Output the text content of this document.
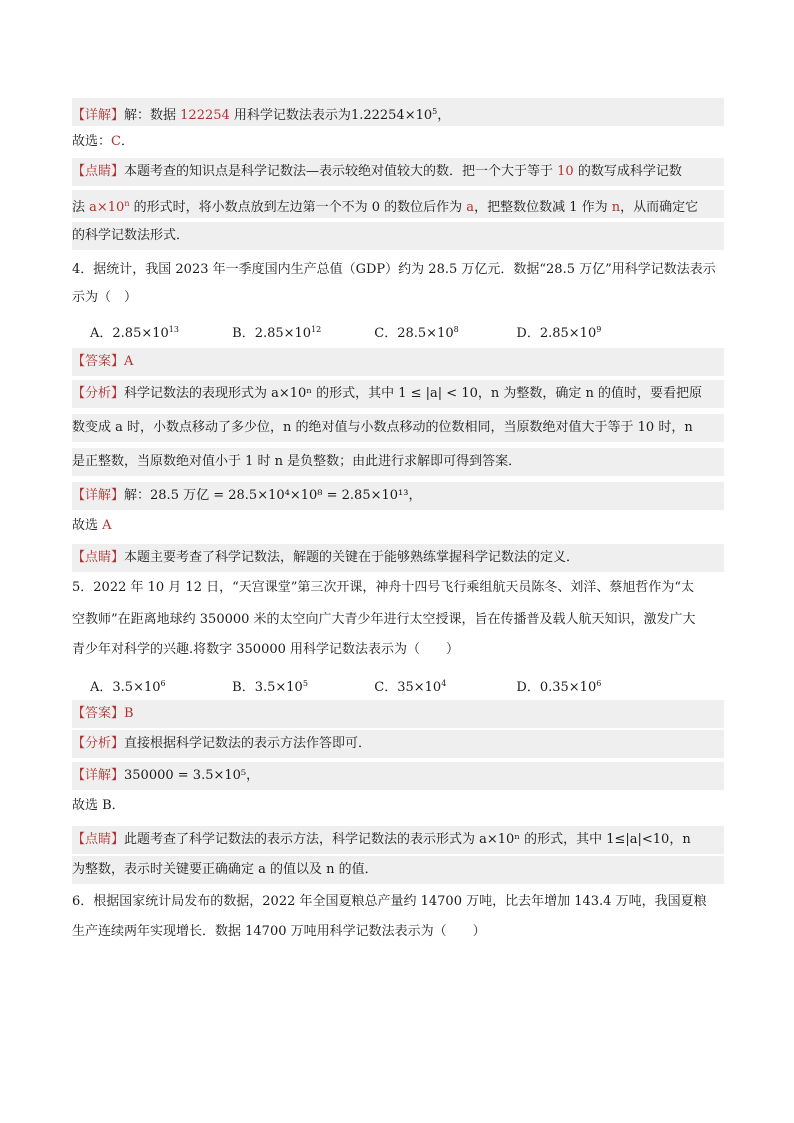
【详解】解：数据 122254 用科学记数法表示为$1.22254\times 10^5$，
故选：C．
【点睛】本题考查的知识点是科学记数法—表示较绝对值较大的数．把一个大于等于 10 的数写成科学记数
法 $a\times 10^n$ 的形式时，将小数点放到左边第一个不为 0 的数位后作为 a，把整数位数减 1 作为 n，从而确定它
的科学记数法形式．
4．据统计，我国 2023 年一季度国内生产总值（GDP）约为 28.5 万亿元．数据“28.5 万亿”用科学记数法表示
示为（　）
A．$2.85\times 10^{13}$	B．$2.85\times 10^{12}$	C．$28.5\times 10^8$	D．$2.85\times 10^9$
【答案】A
【分析】科学记数法的表现形式为 a×10ⁿ 的形式，其中 1 ≤ |a| < 10，n 为整数，确定 n 的值时，要看把原
数变成 a 时，小数点移动了多少位，n 的绝对值与小数点移动的位数相同，当原数绝对值大于等于 10 时，n
是正整数，当原数绝对值小于 1 时 n 是负整数；由此进行求解即可得到答案．
【详解】解：28.5 万亿 = 28.5×10⁴×10⁸ = 2.85×10¹³，
故选 A
【点睛】本题主要考查了科学记数法，解题的关键在于能够熟练掌握科学记数法的定义．
5．2022 年 10 月 12 日，“天宫课堂”第三次开课，神舟十四号飞行乘组航天员陈冬、刘洋、蔡旭哲作为“太
空教师”在距离地球约 350000 米的太空向广大青少年进行太空授课，旨在传播普及载人航天知识，激发广大
青少年对科学的兴趣.将数字 350000 用科学记数法表示为（　　）
A．$3.5\times 10^6$	B．$3.5\times 10^5$	C．$35\times 10^4$	D．$0.35\times 10^6$
【答案】B
【分析】直接根据科学记数法的表示方法作答即可．
【详解】350000 = 3.5×10⁵，
故选 B．
【点睛】此题考查了科学记数法的表示方法，科学记数法的表示形式为 a×10ⁿ 的形式，其中 1≤|a|<10，n
为整数，表示时关键要正确确定 a 的值以及 n 的值．
6．根据国家统计局发布的数据，2022 年全国夏粮总产量约 14700 万吨，比去年增加 143.4 万吨，我国夏粮
生产连续两年实现增长．数据 14700 万吨用科学记数法表示为（　　）
